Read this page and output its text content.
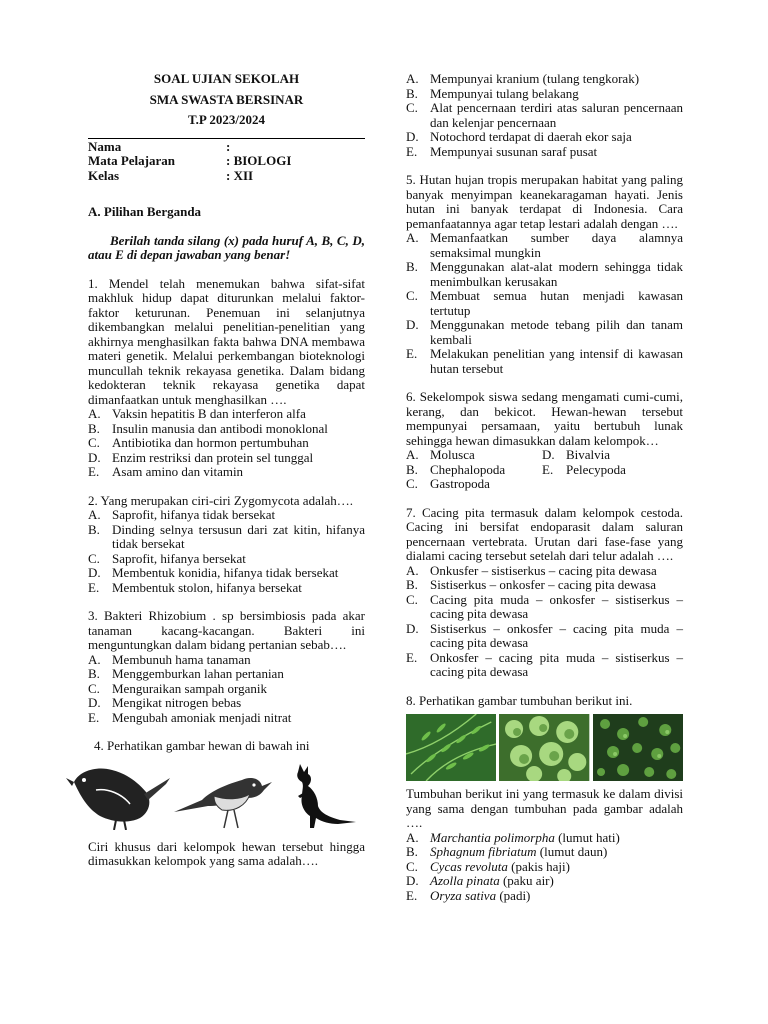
SOAL UJIAN SEKOLAH

SMA SWASTA BERSINAR

T.P 2023/2024

Nama	:
Mata Pelajaran	: BIOLOGI
Kelas	: XII

A. Pilihan Berganda

Berilah tanda silang (x) pada huruf A, B, C, D, atau E di depan jawaban yang benar!

1. Mendel telah menemukan bahwa sifat-sifat makhluk hidup dapat diturunkan melalui faktor-faktor keturunan. Penemuan ini selanjutnya dikembangkan melalui penelitian-penelitian yang akhirnya menghasilkan fakta bahwa DNA membawa materi genetik. Melalui perkembangan bioteknologi muncullah teknik rekayasa genetika. Dalam bidang kedokteran teknik rekayasa genetika dapat dimanfaatkan untuk menghasilkan ….

A. Vaksin hepatitis B dan interferon alfa
B. Insulin manusia dan antibodi monoklonal
C. Antibiotika dan hormon pertumbuhan
D. Enzim restriksi dan protein sel tunggal
E. Asam amino dan vitamin

2. Yang merupakan ciri-ciri Zygomycota adalah….

A. Saprofit, hifanya tidak bersekat
B. Dinding selnya tersusun dari zat kitin, hifanya tidak bersekat
C. Saprofit, hifanya bersekat
D. Membentuk konidia, hifanya tidak bersekat
E. Membentuk stolon, hifanya bersekat

3. Bakteri Rhizobium . sp bersimbiosis pada akar tanaman kacang-kacangan. Bakteri ini menguntungkan dalam bidang pertanian sebab….

A. Membunuh hama tanaman
B. Menggemburkan lahan pertanian
C. Menguraikan sampah organik
D. Mengikat nitrogen bebas
E. Mengubah amoniak menjadi nitrat

4. Perhatikan gambar hewan di bawah ini

Ciri khusus dari kelompok hewan tersebut hingga dimasukkan kelompok yang sama adalah….

A. Mempunyai kranium (tulang tengkorak)
B. Mempunyai tulang belakang
C. Alat pencernaan terdiri atas saluran pencernaan dan kelenjar pencernaan
D. Notochord terdapat di daerah ekor saja
E. Mempunyai susunan saraf pusat

5. Hutan hujan tropis merupakan habitat yang paling banyak menyimpan keanekaragaman hayati. Jenis hutan ini banyak terdapat di Indonesia. Cara pemanfaatannya agar tetap lestari adalah dengan ….

A. Memanfaatkan sumber daya alamnya semaksimal mungkin
B. Menggunakan alat-alat modern sehingga tidak menimbulkan kerusakan
C. Membuat semua hutan menjadi kawasan tertutup
D. Menggunakan metode tebang pilih dan tanam kembali
E. Melakukan penelitian yang intensif di kawasan hutan tersebut

6. Sekelompok siswa sedang mengamati cumi-cumi, kerang, dan bekicot. Hewan-hewan tersebut mempunyai persamaan, yaitu bertubuh lunak sehingga hewan dimasukkan dalam kelompok…

A. Molusca	D. Bivalvia
B. Chephalopoda	E. Pelecypoda
C. Gastropoda

7. Cacing pita termasuk dalam kelompok cestoda. Cacing ini bersifat endoparasit dalam saluran pencernaan vertebrata. Urutan dari fase-fase yang dialami cacing tersebut setelah dari telur adalah ….

A. Onkusfer – sistiserkus – cacing pita dewasa
B. Sistiserkus – onkosfer – cacing pita dewasa
C. Cacing pita muda – onkosfer – sistiserkus – cacing pita dewasa
D. Sistiserkus – onkosfer – cacing pita muda – cacing pita dewasa
E. Onkosfer – cacing pita muda – sistiserkus – cacing pita dewasa

8. Perhatikan gambar tumbuhan berikut ini.

Tumbuhan berikut ini yang termasuk ke dalam divisi yang sama dengan tumbuhan pada gambar adalah ….

A. Marchantia polimorpha (lumut hati)
B. Sphagnum fibriatum (lumut daun)
C. Cycas revoluta (pakis haji)
D. Azolla pinata (paku air)
E. Oryza sativa (padi)
